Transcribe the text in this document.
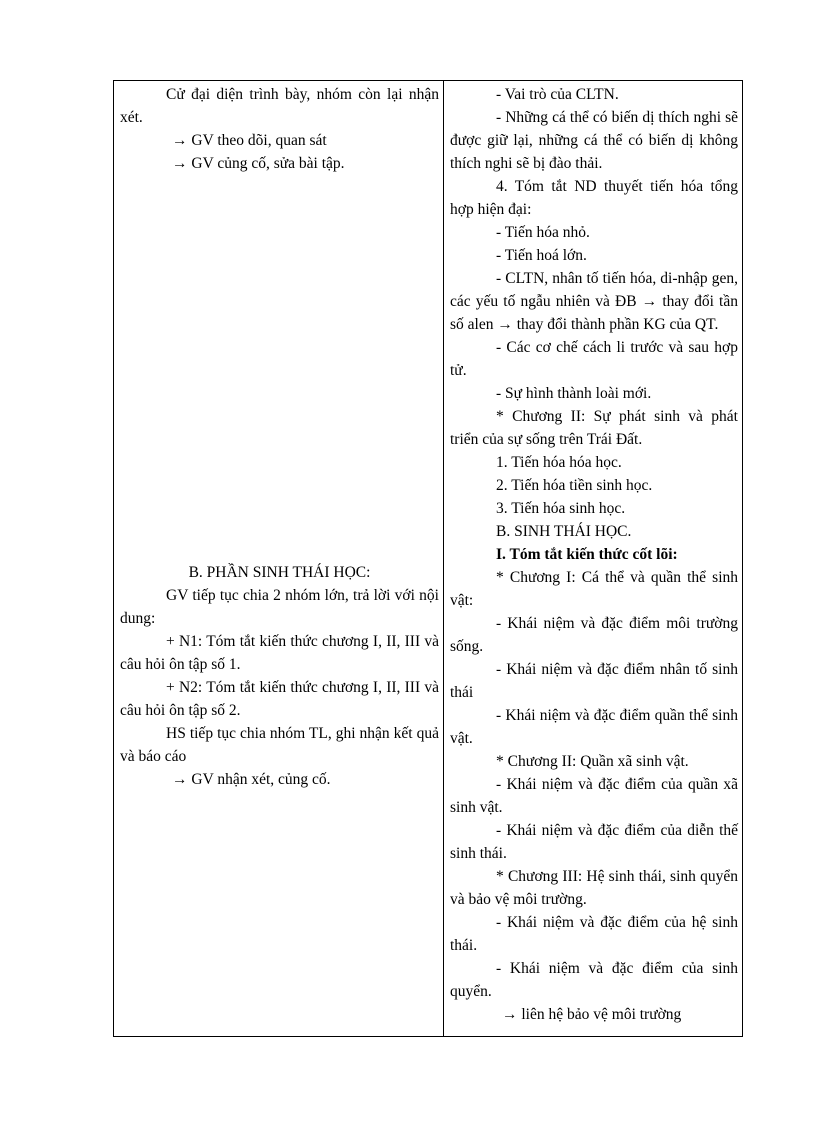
Cử đại diện trình bày, nhóm còn lại nhận xét.

→ GV theo dõi, quan sát

→ GV củng cố, sửa bài tập.

B. PHẦN SINH THÁI HỌC:

GV tiếp tục chia 2 nhóm lớn, trả lời với nội dung:

+ N1: Tóm tắt kiến thức chương I, II, III và câu hỏi ôn tập số 1.

+ N2: Tóm tắt kiến thức chương I, II, III và câu hỏi ôn tập số 2.

HS tiếp tục chia nhóm TL, ghi nhận kết quả và báo cáo

→ GV nhận xét, củng cố.

- Vai trò của CLTN.

- Những cá thể có biến dị thích nghi sẽ được giữ lại, những cá thể có biến dị không thích nghi sẽ bị đào thải.

4. Tóm tắt ND thuyết tiến hóa tổng hợp hiện đại:

- Tiến hóa nhỏ.

- Tiến hoá lớn.

- CLTN, nhân tố tiến hóa, di-nhập gen, các yếu tố ngẫu nhiên và ĐB → thay đổi tần số alen → thay đổi thành phần KG của QT.

- Các cơ chế cách li trước và sau hợp tử.

- Sự hình thành loài mới.

* Chương II: Sự phát sinh và phát triển của sự sống trên Trái Đất.

1. Tiến hóa hóa học.

2. Tiến hóa tiền sinh học.

3. Tiến hóa sinh học.

B. SINH THÁI HỌC.

I. Tóm tắt kiến thức cốt lõi:

* Chương I: Cá thể và quần thể sinh vật:

- Khái niệm và đặc điểm môi trường sống.

- Khái niệm và đặc điểm nhân tố sinh thái

- Khái niệm và đặc điểm quần thể sinh vật.

* Chương II: Quần xã sinh vật.

- Khái niệm và đặc điểm của quần xã sinh vật.

- Khái niệm và đặc điểm của diễn thế sinh thái.

* Chương III: Hệ sinh thái, sinh quyển và bảo vệ môi trường.

- Khái niệm và đặc điểm của hệ sinh thái.

- Khái niệm và đặc điểm của sinh quyển.

→ liên hệ bảo vệ môi trường
